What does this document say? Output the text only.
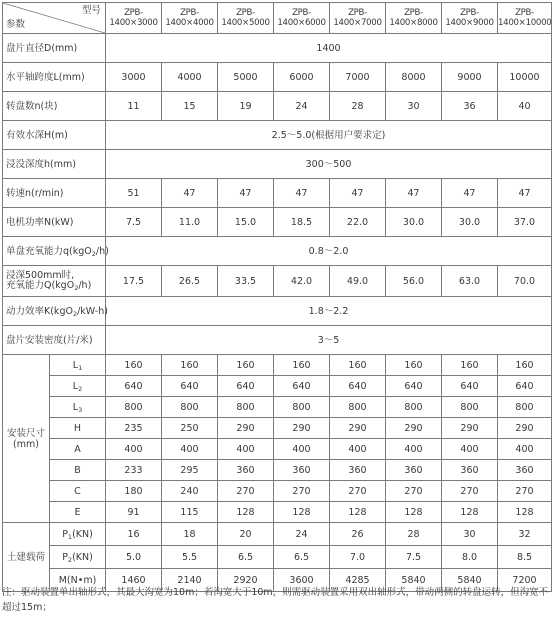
参数
型号		ZPB-1400×3000	ZPB-1400×4000	ZPB-1400×5000	ZPB-1400×6000	ZPB-1400×7000	ZPB-1400×8000	ZPB-1400×9000	ZPB-1400×10000
盘片直径D(mm)		1400							
水平轴跨度L(mm)		3000	4000	5000	6000	7000	8000	9000	10000
转盘数n(块)		11	15	19	24	28	30	36	40
有效水深H(m)		2.5～5.0(根据用户要求定)							
浸没深度h(mm)		300～500							
转速n(r/min)		51	47	47	47	47	47	47	47
电机功率N(kW)		7.5	11.0	15.0	18.5	22.0	30.0	30.0	37.0
单盘充氧能力q(kgO$_2$/h)		0.8～2.0							
浸深500mm时,
充氧能力Q(kgO$_2$/h)		17.5	26.5	33.5	42.0	49.0	56.0	63.0	70.0
动力效率K(kgO$_2$/kW-h)		1.8～2.2							
盘片安装密度(片/米)		3～5							
安装尺寸(mm)	$L_1$	160	160	160	160	160	160	160	160
	$L_2$	640	640	640	640	640	640	640	640
	$L_3$	800	800	800	800	800	800	800	800
	H	235	250	290	290	290	290	290	290
	A	400	400	400	400	400	400	400	400
	B	233	295	360	360	360	360	360	360
	C	180	240	270	270	270	270	270	270
	E	91	115	128	128	128	128	128	128
土建载荷	$P_1(KN)$	16	18	20	24	26	28	30	32
	$P_2(KN)$	5.0	5.5	6.5	6.5	7.0	7.5	8.0	8.5
	M(N•m)	1460	2140	2920	3600	4285	5840	5840	7200
注：驱动装置单出轴形式，其最大沟宽为10m；若沟宽大于10m，则需驱动装置采用双出轴形式，带动两侧的转盘运转，但沟宽不超过15m；
